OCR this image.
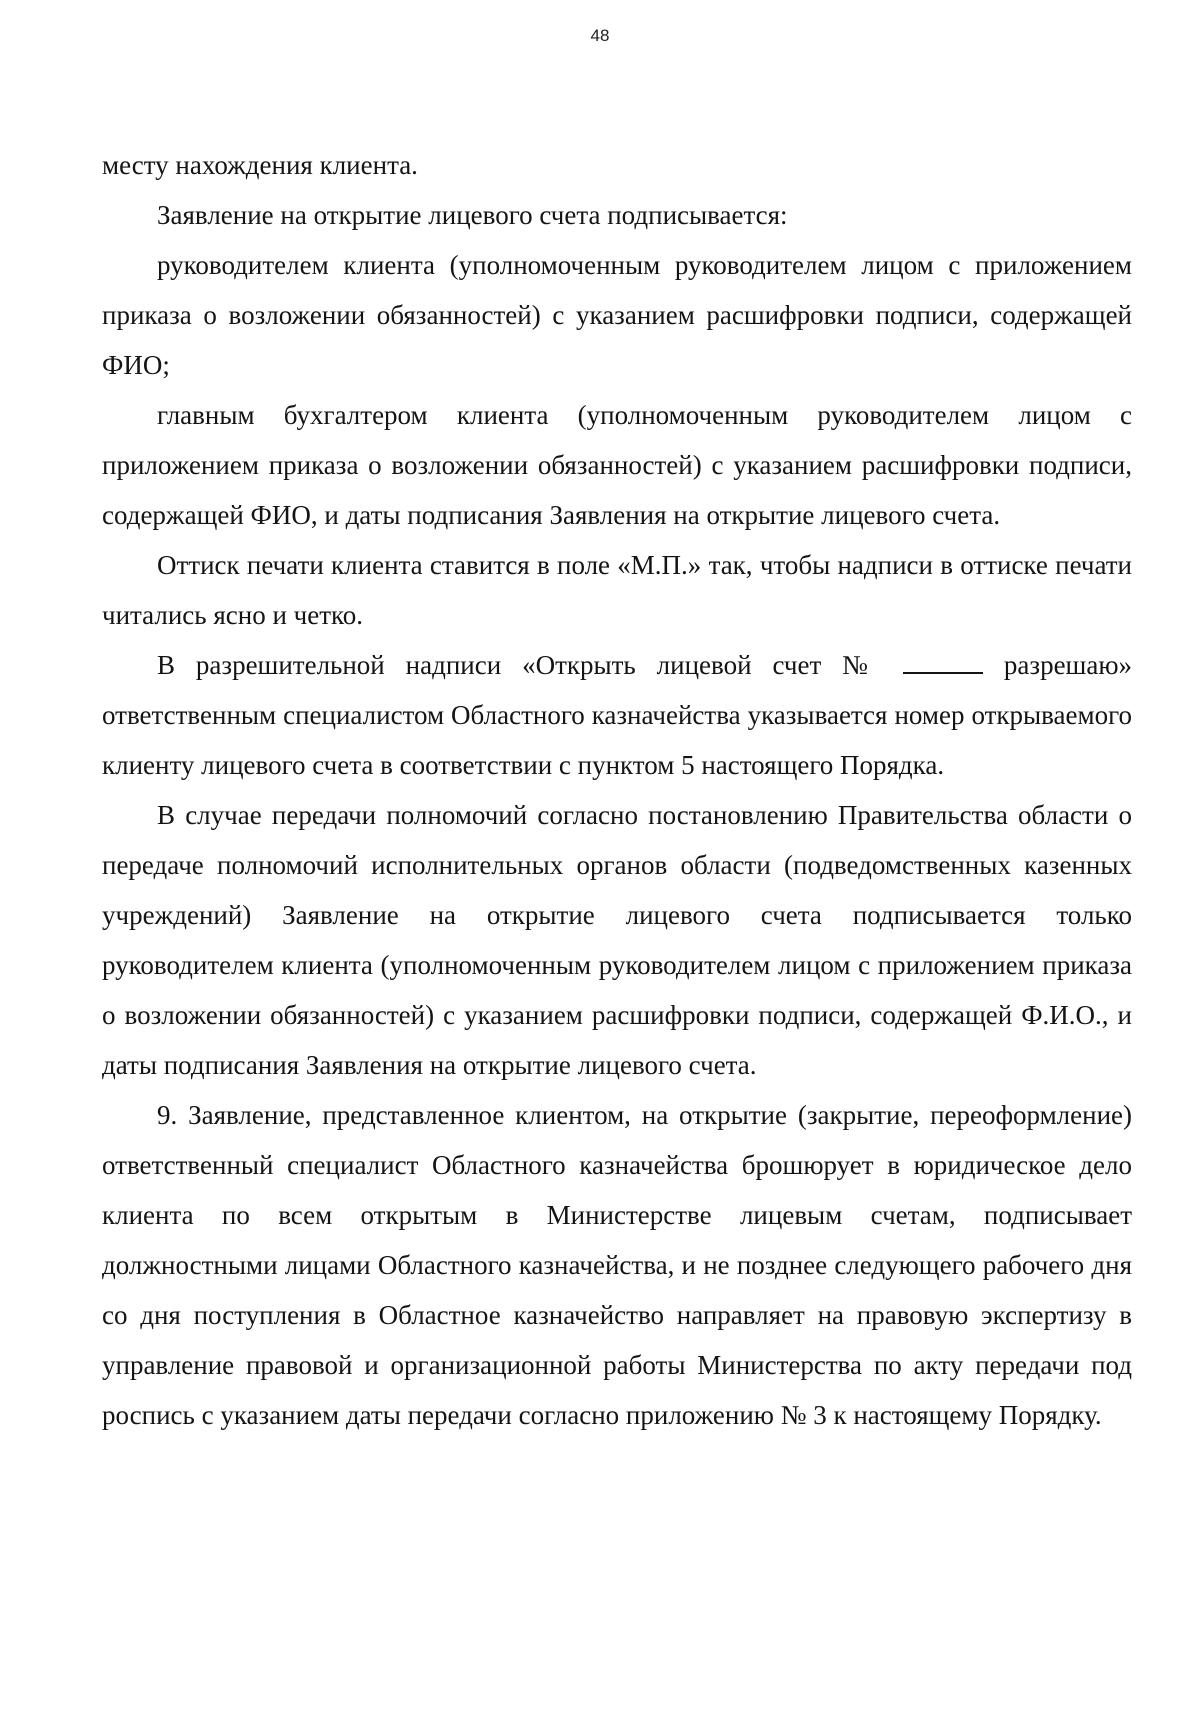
48

месту нахождения клиента.

Заявление на открытие лицевого счета подписывается:

руководителем клиента (уполномоченным руководителем лицом с приложением приказа о возложении обязанностей) с указанием расшифровки подписи, содержащей ФИО;

главным бухгалтером клиента (уполномоченным руководителем лицом с приложением приказа о возложении обязанностей) с указанием расшифровки подписи, содержащей ФИО, и даты подписания Заявления на открытие лицевого счета.

Оттиск печати клиента ставится в поле «М.П.» так, чтобы надписи в оттиске печати читались ясно и четко.

В разрешительной надписи «Открыть лицевой счет №	разрешаю» ответственным специалистом Областного казначейства указывается номер открываемого клиенту лицевого счета в соответствии с пунктом 5 настоящего Порядка.

В случае передачи полномочий согласно постановлению Правительства области о передаче полномочий исполнительных органов области (подведомственных казенных учреждений) Заявление на открытие лицевого счета подписывается только руководителем клиента (уполномоченным руководителем лицом с приложением приказа о возложении обязанностей) с указанием расшифровки подписи, содержащей Ф.И.О., и даты подписания Заявления на открытие лицевого счета.

9. Заявление, представленное клиентом, на открытие (закрытие, переоформление) ответственный специалист Областного казначейства брошюрует в юридическое дело клиента по всем открытым в Министерстве лицевым счетам, подписывает должностными лицами Областного казначейства, и не позднее следующего рабочего дня со дня поступления в Областное казначейство направляет на правовую экспертизу в управление правовой и организационной работы Министерства по акту передачи под роспись с указанием даты передачи согласно приложению № 3 к настоящему Порядку.
